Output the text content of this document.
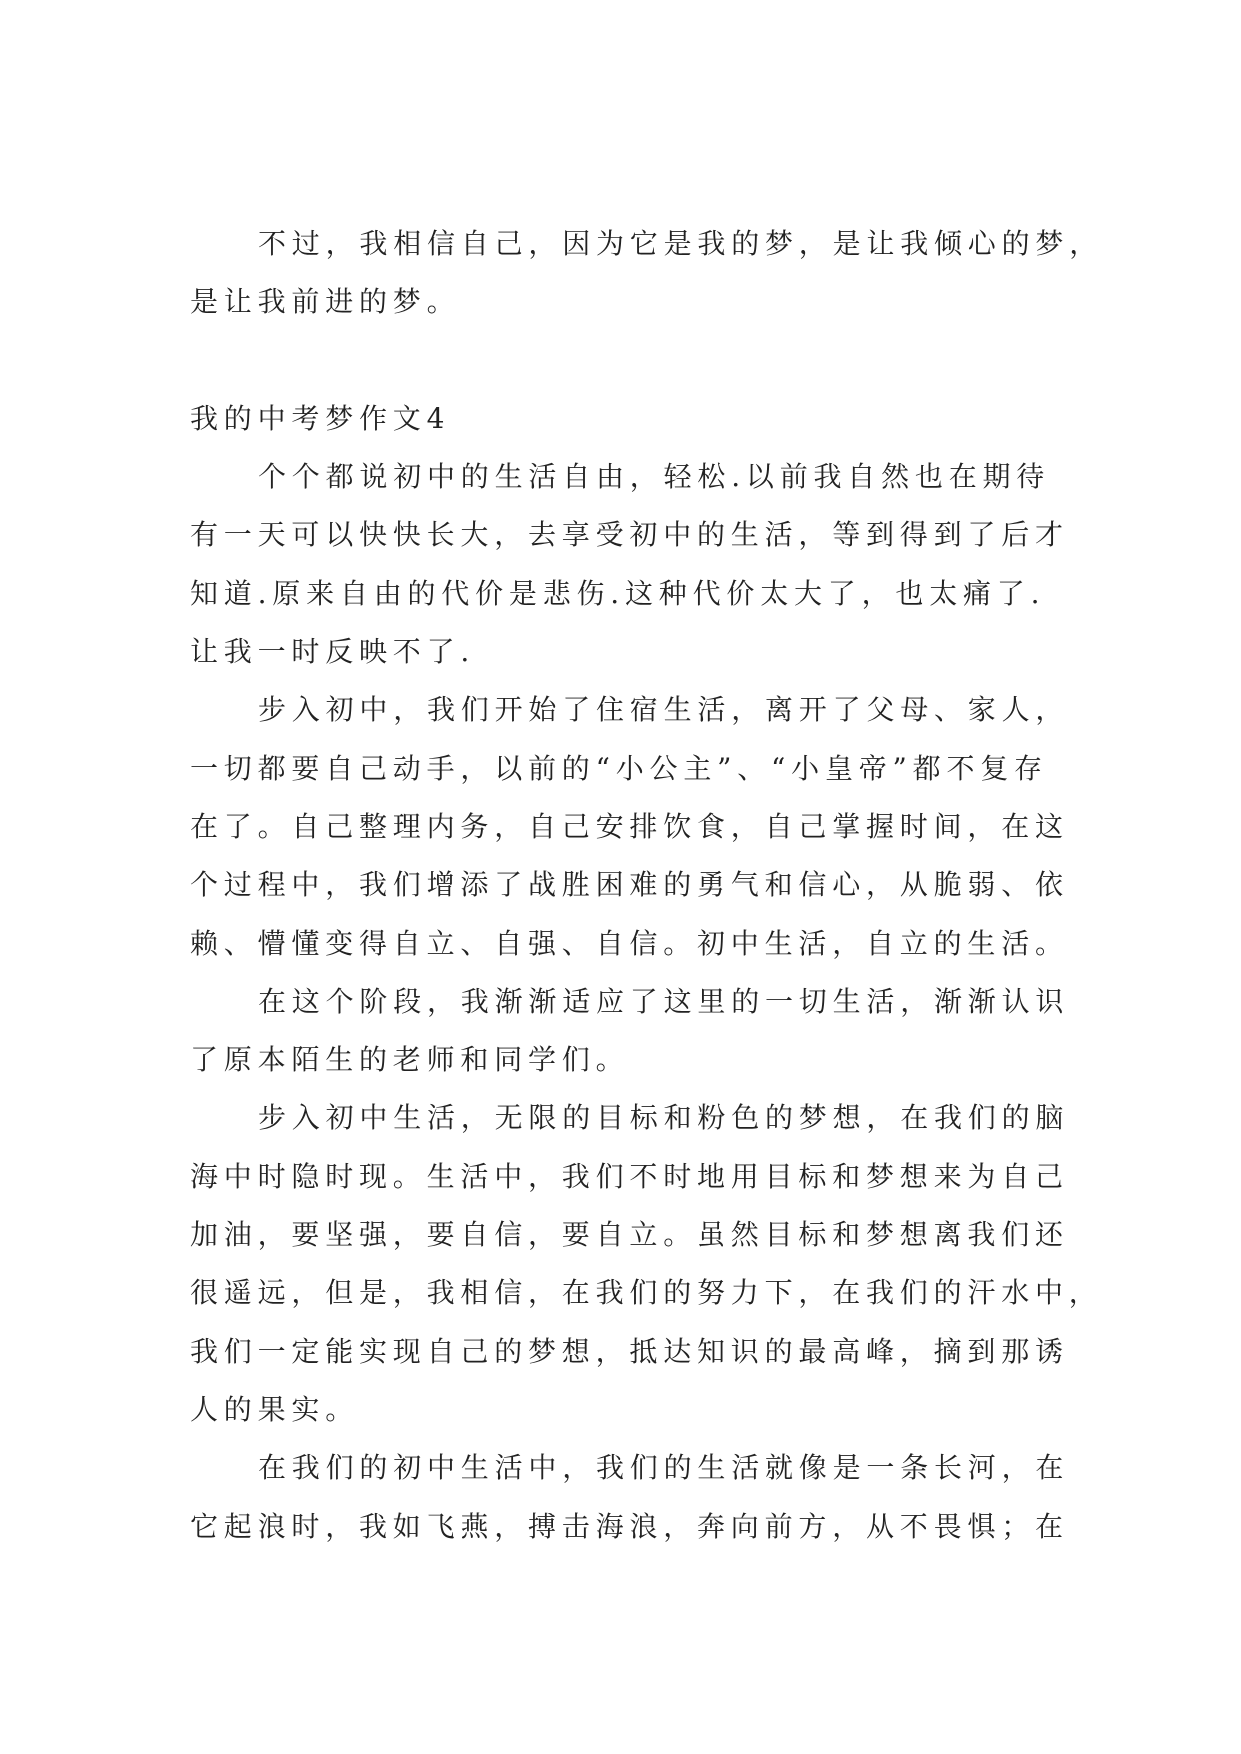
不过，我相信自己，因为它是我的梦，是让我倾心的梦，
是让我前进的梦。
我的中考梦作文4
个个都说初中的生活自由，轻松.以前我自然也在期待
有一天可以快快长大，去享受初中的生活，等到得到了后才
知道.原来自由的代价是悲伤.这种代价太大了，也太痛了.
让我一时反映不了.
步入初中，我们开始了住宿生活，离开了父母、家人，
一切都要自己动手，以前的“小公主”、“小皇帝”都不复存
在了。自己整理内务，自己安排饮食，自己掌握时间，在这
个过程中，我们增添了战胜困难的勇气和信心，从脆弱、依
赖、懵懂变得自立、自强、自信。初中生活，自立的生活。
在这个阶段，我渐渐适应了这里的一切生活，渐渐认识
了原本陌生的老师和同学们。
步入初中生活，无限的目标和粉色的梦想，在我们的脑
海中时隐时现。生活中，我们不时地用目标和梦想来为自己
加油，要坚强，要自信，要自立。虽然目标和梦想离我们还
很遥远，但是，我相信，在我们的努力下，在我们的汗水中，
我们一定能实现自己的梦想，抵达知识的最高峰，摘到那诱
人的果实。
在我们的初中生活中，我们的生活就像是一条长河，在
它起浪时，我如飞燕，搏击海浪，奔向前方，从不畏惧；在
